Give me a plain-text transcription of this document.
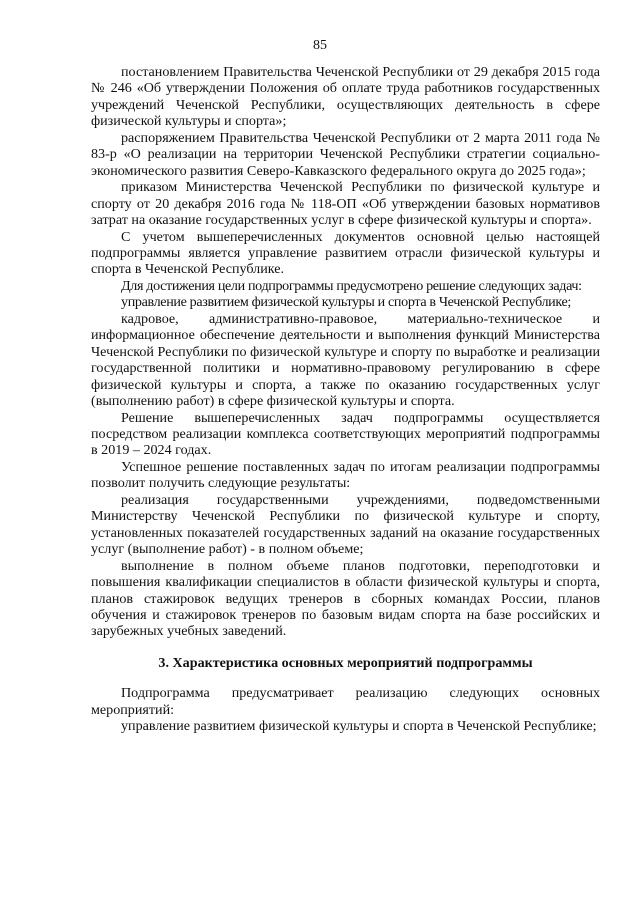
85

постановлением Правительства Чеченской Республики от 29 декабря 2015 года № 246 «Об утверждении Положения об оплате труда работников государственных учреждений Чеченской Республики, осуществляющих деятельность в сфере физической культуры и спорта»;

распоряжением Правительства Чеченской Республики от 2 марта 2011 года № 83-р «О реализации на территории Чеченской Республики стратегии социально-экономического развития Северо-Кавказского федерального округа до 2025 года»;

приказом Министерства Чеченской Республики по физической культуре и спорту от 20 декабря 2016 года № 118-ОП «Об утверждении базовых нормативов затрат на оказание государственных услуг в сфере физической культуры и спорта».

С учетом вышеперечисленных документов основной целью настоящей подпрограммы является управление развитием отрасли физической культуры и спорта в Чеченской Республике.

Для достижения цели подпрограммы предусмотрено решение следующих задач:

управление развитием физической культуры и спорта в Чеченской Республике;

кадровое, административно-правовое, материально-техническое и информационное обеспечение деятельности и выполнения функций Министерства Чеченской Республики по физической культуре и спорту по выработке и реализации государственной политики и нормативно-правовому регулированию в сфере физической культуры и спорта, а также по оказанию государственных услуг (выполнению работ) в сфере физической культуры и спорта.

Решение вышеперечисленных задач подпрограммы осуществляется посредством реализации комплекса соответствующих мероприятий подпрограммы в 2019 – 2024 годах.

Успешное решение поставленных задач по итогам реализации подпрограммы позволит получить следующие результаты:

реализация государственными учреждениями, подведомственными Министерству Чеченской Республики по физической культуре и спорту, установленных показателей государственных заданий на оказание государственных услуг (выполнение работ) - в полном объеме;

выполнение в полном объеме планов подготовки, переподготовки и повышения квалификации специалистов в области физической культуры и спорта, планов стажировок ведущих тренеров в сборных командах России, планов обучения и стажировок тренеров по базовым видам спорта на базе российских и зарубежных учебных заведений.

3. Характеристика основных мероприятий подпрограммы

Подпрограмма предусматривает реализацию следующих основных мероприятий:

управление развитием физической культуры и спорта в Чеченской Республике;
